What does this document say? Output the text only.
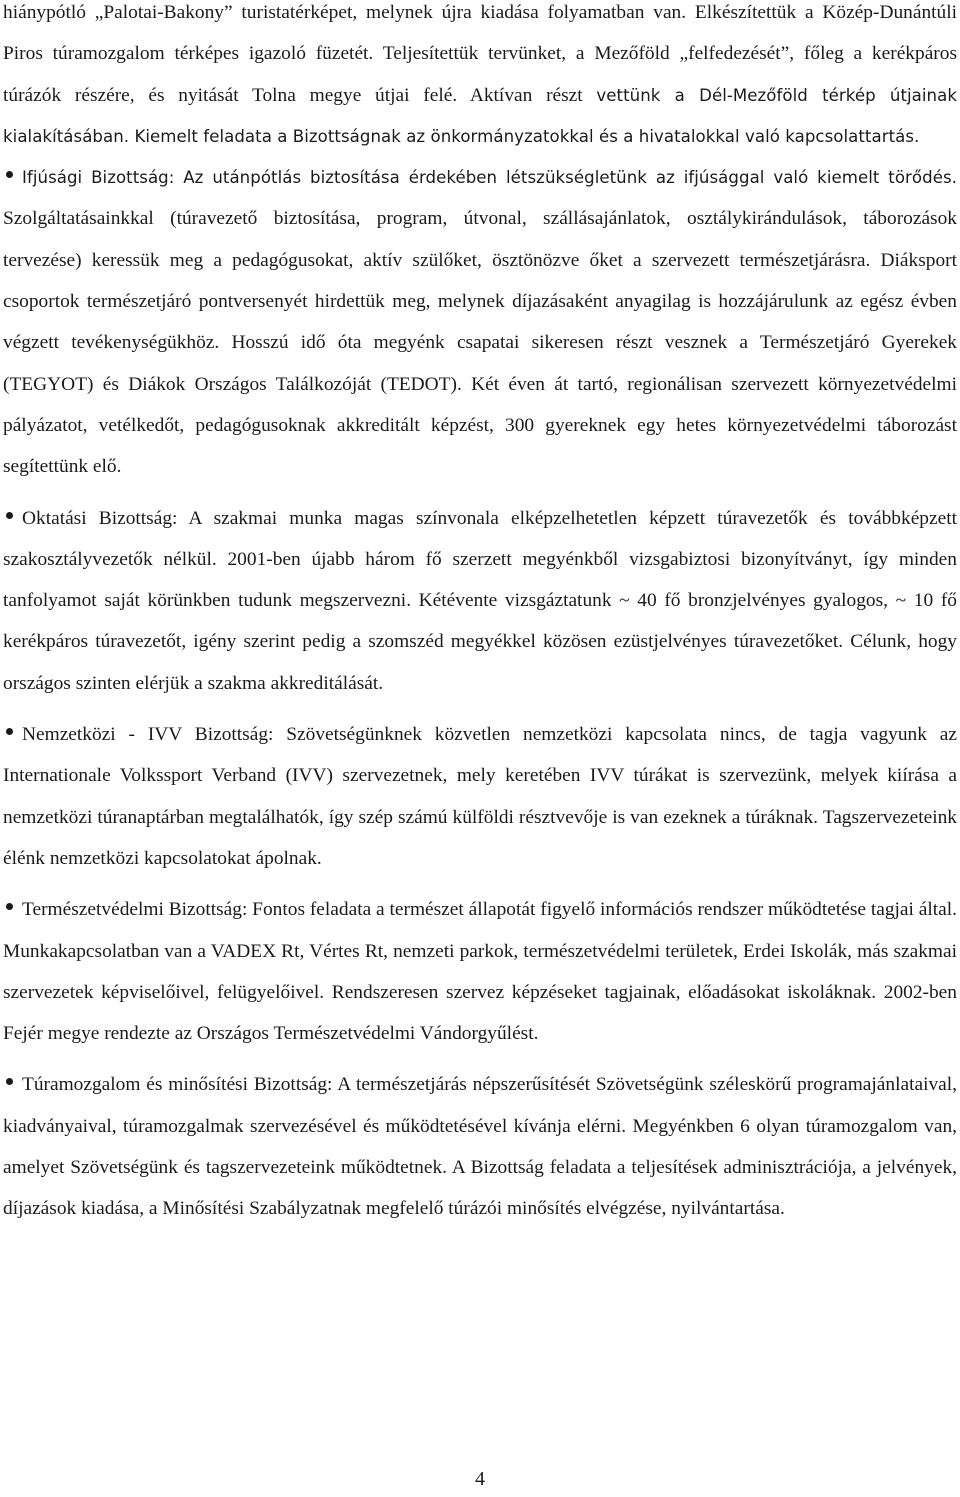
hiánypótló „Palotai-Bakony” turistatérképet, melynek újra kiadása folyamatban van. Elkészítettük a Közép-Dunántúli Piros túramozgalom térképes igazoló füzetét. Teljesítettük tervünket, a Mezőföld „felfedezését”, főleg a kerékpáros túrázók részére, és nyitását Tolna megye útjai felé. Aktívan részt vettünk a Dél-Mezőföld térkép útjainak kialakításában. Kiemelt feladata a Bizottságnak az önkormányzatokkal és a hivatalokkal való kapcsolattartás.

Ifjúsági Bizottság: Az utánpótlás biztosítása érdekében létszükségletünk az ifjúsággal való kiemelt törődés. Szolgáltatásainkkal (túravezető biztosítása, program, útvonal, szállásajánlatok, osztálykirándulások, táborozások tervezése) keressük meg a pedagógusokat, aktív szülőket, ösztönözve őket a szervezett természetjárásra. Diáksport csoportok természetjáró pontversenyét hirdettük meg, melynek díjazásaként anyagilag is hozzájárulunk az egész évben végzett tevékenységükhöz. Hosszú idő óta megyénk csapatai sikeresen részt vesznek a Természetjáró Gyerekek (TEGYOT) és Diákok Országos Találkozóját (TEDOT). Két éven át tartó, regionálisan szervezett környezetvédelmi pályázatot, vetélkedőt, pedagógusoknak akkreditált képzést, 300 gyereknek egy hetes környezetvédelmi táborozást segítettünk elő.

Oktatási Bizottság: A szakmai munka magas színvonala elképzelhetetlen képzett túravezetők és továbbképzett szakosztályvezetők nélkül. 2001-ben újabb három fő szerzett megyénkből vizsgabiztosi bizonyítványt, így minden tanfolyamot saját körünkben tudunk megszervezni. Kétévente vizsgáztatunk ~ 40 fő bronzjelvényes gyalogos, ~ 10 fő kerékpáros túravezetőt, igény szerint pedig a szomszéd megyékkel közösen ezüstjelvényes túravezetőket. Célunk, hogy országos szinten elérjük a szakma akkreditálását.

Nemzetközi - IVV Bizottság: Szövetségünknek közvetlen nemzetközi kapcsolata nincs, de tagja vagyunk az Internationale Volkssport Verband (IVV) szervezetnek, mely keretében IVV túrákat is szervezünk, melyek kiírása a nemzetközi túranaptárban megtalálhatók, így szép számú külföldi résztvevője is van ezeknek a túráknak. Tagszervezeteink élénk nemzetközi kapcsolatokat ápolnak.

Természetvédelmi Bizottság: Fontos feladata a természet állapotát figyelő információs rendszer működtetése tagjai által. Munkakapcsolatban van a VADEX Rt, Vértes Rt, nemzeti parkok, természetvédelmi területek, Erdei Iskolák, más szakmai szervezetek képviselőivel, felügyelőivel. Rendszeresen szervez képzéseket tagjainak, előadásokat iskoláknak. 2002-ben Fejér megye rendezte az Országos Természetvédelmi Vándorgyűlést.

Túramozgalom és minősítési Bizottság: A természetjárás népszerűsítését Szövetségünk széleskörű programajánlataival, kiadványaival, túramozgalmak szervezésével és működtetésével kívánja elérni. Megyénkben 6 olyan túramozgalom van, amelyet Szövetségünk és tagszervezeteink működtetnek. A Bizottság feladata a teljesítések adminisztrációja, a jelvények, díjazások kiadása, a Minősítési Szabályzatnak megfelelő túrázói minősítés elvégzése, nyilvántartása.

4
